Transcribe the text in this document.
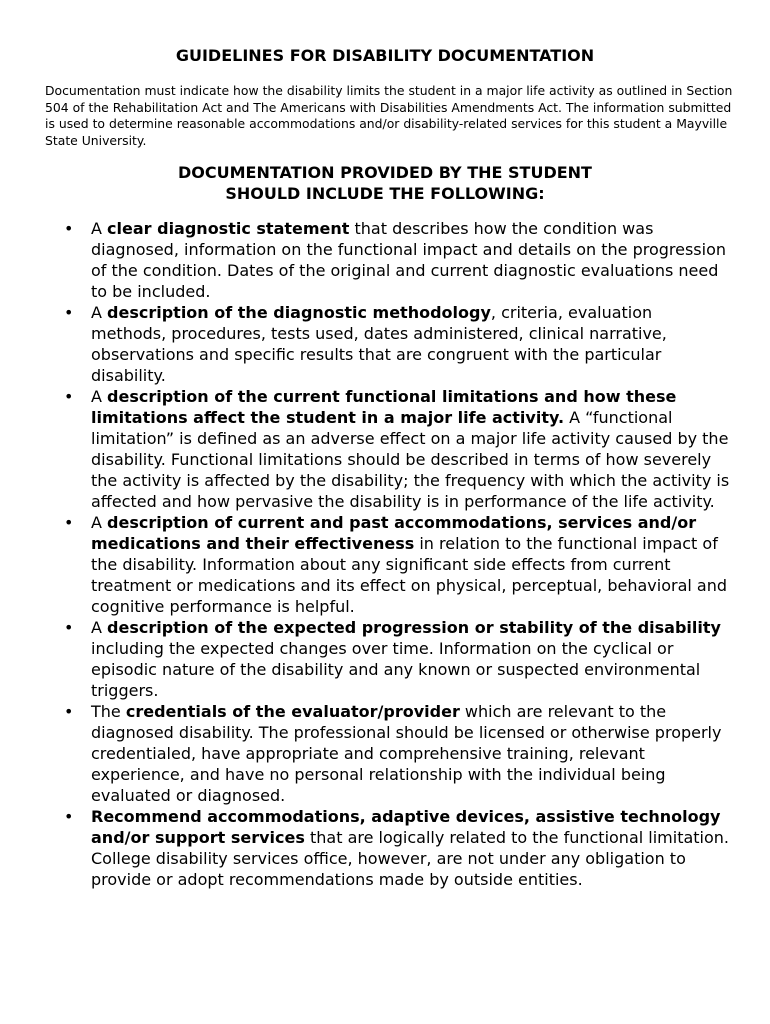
GUIDELINES FOR DISABILITY DOCUMENTATION

Documentation must indicate how the disability limits the student in a major life activity as outlined in Section 504 of the Rehabilitation Act and The Americans with Disabilities Amendments Act. The information submitted is used to determine reasonable accommodations and/or disability-related services for this student a Mayville State University.

DOCUMENTATION PROVIDED BY THE STUDENT
SHOULD INCLUDE THE FOLLOWING:
•	A clear diagnostic statement that describes how the condition was diagnosed, information on the functional impact and details on the progression of the condition. Dates of the original and current diagnostic evaluations need to be included.
•	A description of the diagnostic methodology, criteria, evaluation methods, procedures, tests used, dates administered, clinical narrative, observations and specific results that are congruent with the particular disability.
•	A description of the current functional limitations and how these limitations affect the student in a major life activity. A “functional limitation” is defined as an adverse effect on a major life activity caused by the disability. Functional limitations should be described in terms of how severely the activity is affected by the disability; the frequency with which the activity is affected and how pervasive the disability is in performance of the life activity.
•	A description of current and past accommodations, services and/or medications and their effectiveness in relation to the functional impact of the disability. Information about any significant side effects from current treatment or medications and its effect on physical, perceptual, behavioral and cognitive performance is helpful.
•	A description of the expected progression or stability of the disability including the expected changes over time. Information on the cyclical or episodic nature of the disability and any known or suspected environmental triggers.
•	The credentials of the evaluator/provider which are relevant to the diagnosed disability. The professional should be licensed or otherwise properly credentialed, have appropriate and comprehensive training, relevant experience, and have no personal relationship with the individual being evaluated or diagnosed.
•	Recommend accommodations, adaptive devices, assistive technology and/or support services that are logically related to the functional limitation. College disability services office, however, are not under any obligation to provide or adopt recommendations made by outside entities.
